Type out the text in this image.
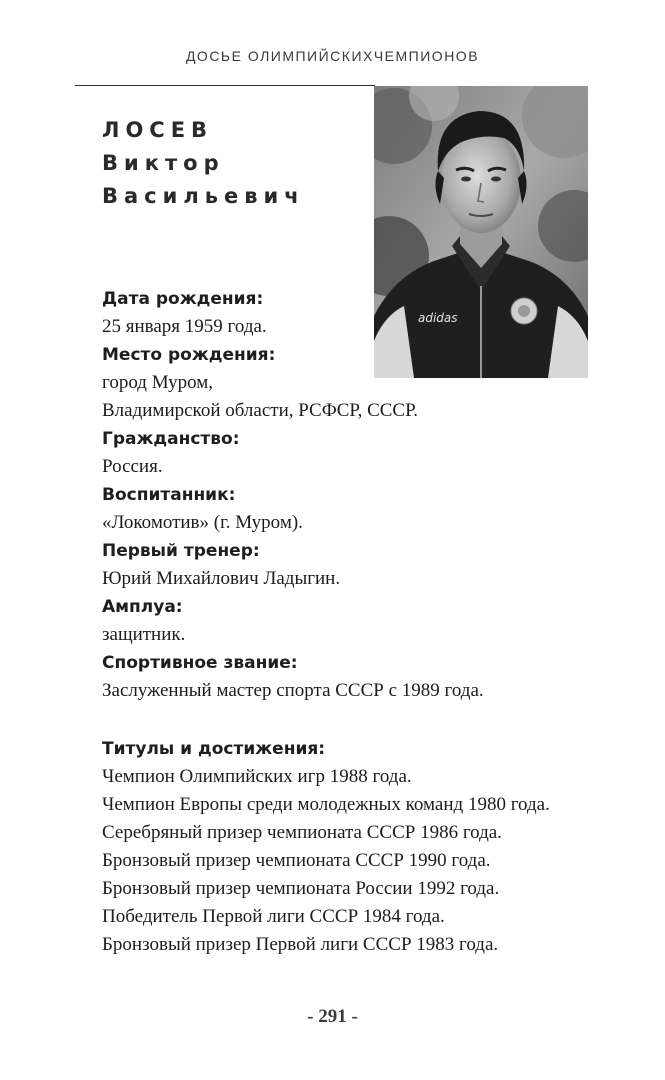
ДОСЬЕ ОЛИМПИЙСКИХЧЕМПИОНОВ
ЛОСЕВ
Виктор
Васильевич
adidas
Дата рождения:
25 января 1959 года.
Место рождения:
город Муром,
Владимирской области, РСФСР, СССР.
Гражданство:
Россия.
Воспитанник:
«Локомотив» (г. Муром).
Первый тренер:
Юрий Михайлович Ладыгин.
Амплуа:
защитник.
Спортивное звание:
Заслуженный мастер спорта СССР с 1989 года.
Титулы и достижения:
Чемпион Олимпийских игр 1988 года.
Чемпион Европы среди молодежных команд 1980 года.
Серебряный призер чемпионата СССР 1986 года.
Бронзовый призер чемпионата СССР 1990 года.
Бронзовый призер чемпионата России 1992 года.
Победитель Первой лиги СССР 1984 года.
Бронзовый призер Первой лиги СССР 1983 года.
- 291 -
